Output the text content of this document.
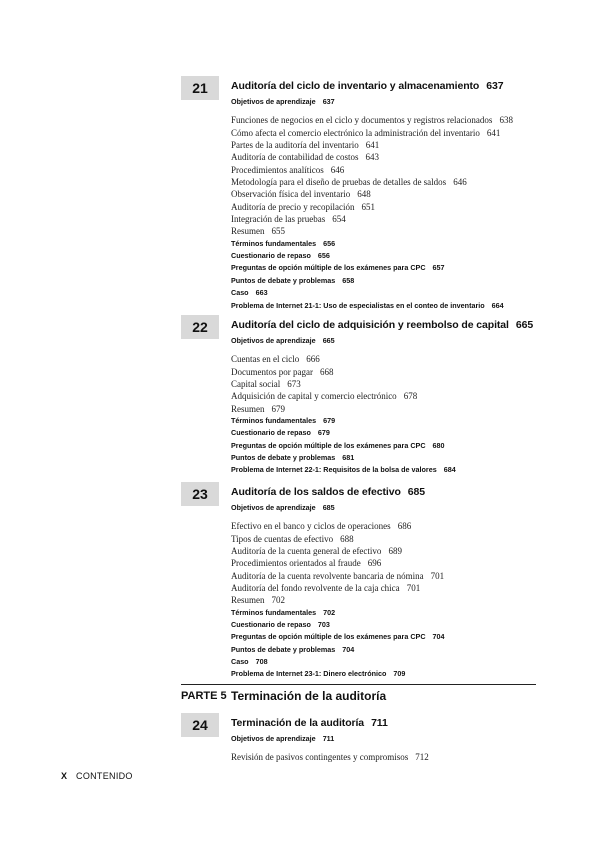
21	Auditoría del ciclo de inventario y almacenamiento 637
Objetivos de aprendizaje 637
Funciones de negocios en el ciclo y documentos y registros relacionados 638
Cómo afecta el comercio electrónico la administración del inventario 641
Partes de la auditoría del inventario 641
Auditoría de contabilidad de costos 643
Procedimientos analíticos 646
Metodología para el diseño de pruebas de detalles de saldos 646
Observación física del inventario 648
Auditoría de precio y recopilación 651
Integración de las pruebas 654
Resumen 655
Términos fundamentales 656
Cuestionario de repaso 656
Preguntas de opción múltiple de los exámenes para CPC 657
Puntos de debate y problemas 658
Caso 663
Problema de Internet 21-1: Uso de especialistas en el conteo de inventario 664
22	Auditoría del ciclo de adquisición y reembolso de capital 665
Objetivos de aprendizaje 665
Cuentas en el ciclo 666
Documentos por pagar 668
Capital social 673
Adquisición de capital y comercio electrónico 678
Resumen 679
Términos fundamentales 679
Cuestionario de repaso 679
Preguntas de opción múltiple de los exámenes para CPC 680
Puntos de debate y problemas 681
Problema de Internet 22-1: Requisitos de la bolsa de valores 684
23	Auditoría de los saldos de efectivo 685
Objetivos de aprendizaje 685
Efectivo en el banco y ciclos de operaciones 686
Tipos de cuentas de efectivo 688
Auditoría de la cuenta general de efectivo 689
Procedimientos orientados al fraude 696
Auditoría de la cuenta revolvente bancaria de nómina 701
Auditoría del fondo revolvente de la caja chica 701
Resumen 702
Términos fundamentales 702
Cuestionario de repaso 703
Preguntas de opción múltiple de los exámenes para CPC 704
Puntos de debate y problemas 704
Caso 708
Problema de Internet 23-1: Dinero electrónico 709
PARTE 5 Terminación de la auditoría
24	Terminación de la auditoría 711
Objetivos de aprendizaje 711
Revisión de pasivos contingentes y compromisos 712
X CONTENIDO
